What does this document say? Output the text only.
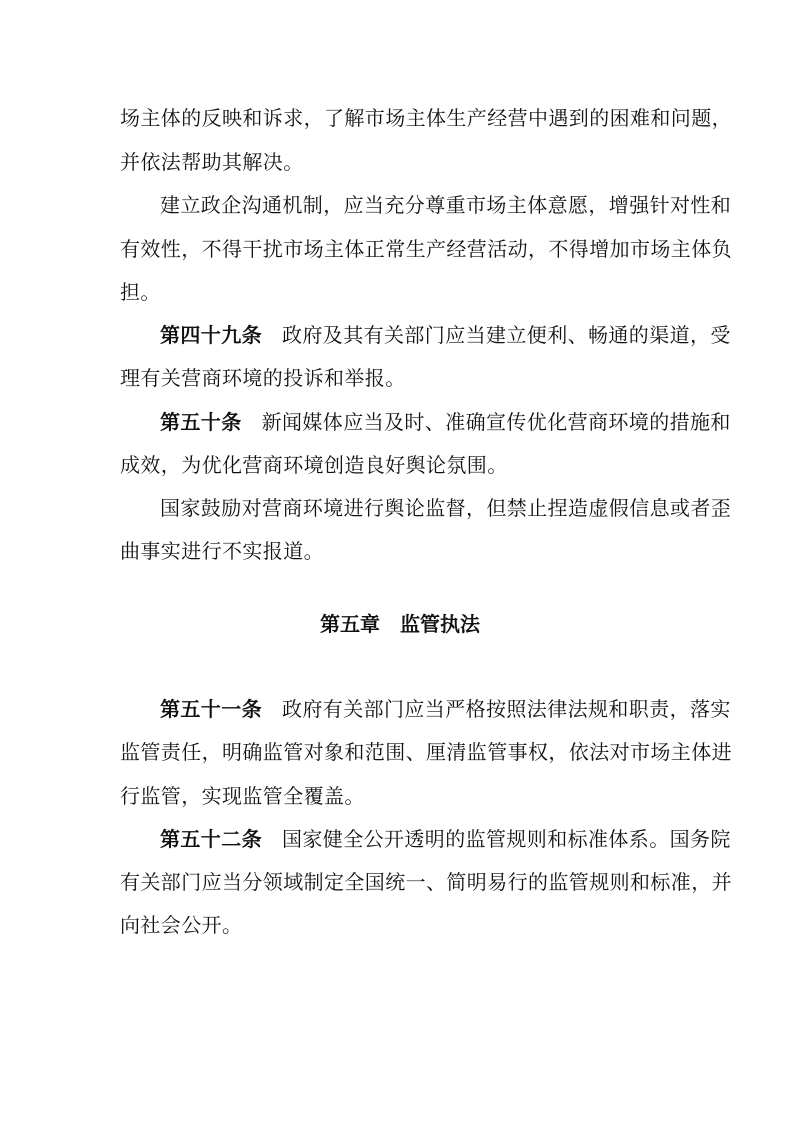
场主体的反映和诉求，了解市场主体生产经营中遇到的困难和问题，
并依法帮助其解决。
建立政企沟通机制，应当充分尊重市场主体意愿，增强针对性和
有效性，不得干扰市场主体正常生产经营活动，不得增加市场主体负
担。
第四十九条 政府及其有关部门应当建立便利、畅通的渠道，受
理有关营商环境的投诉和举报。
第五十条 新闻媒体应当及时、准确宣传优化营商环境的措施和
成效，为优化营商环境创造良好舆论氛围。
国家鼓励对营商环境进行舆论监督，但禁止捏造虚假信息或者歪
曲事实进行不实报道。
第五章　监管执法
第五十一条 政府有关部门应当严格按照法律法规和职责，落实
监管责任，明确监管对象和范围、厘清监管事权，依法对市场主体进
行监管，实现监管全覆盖。
第五十二条 国家健全公开透明的监管规则和标准体系。国务院
有关部门应当分领域制定全国统一、简明易行的监管规则和标准，并
向社会公开。
